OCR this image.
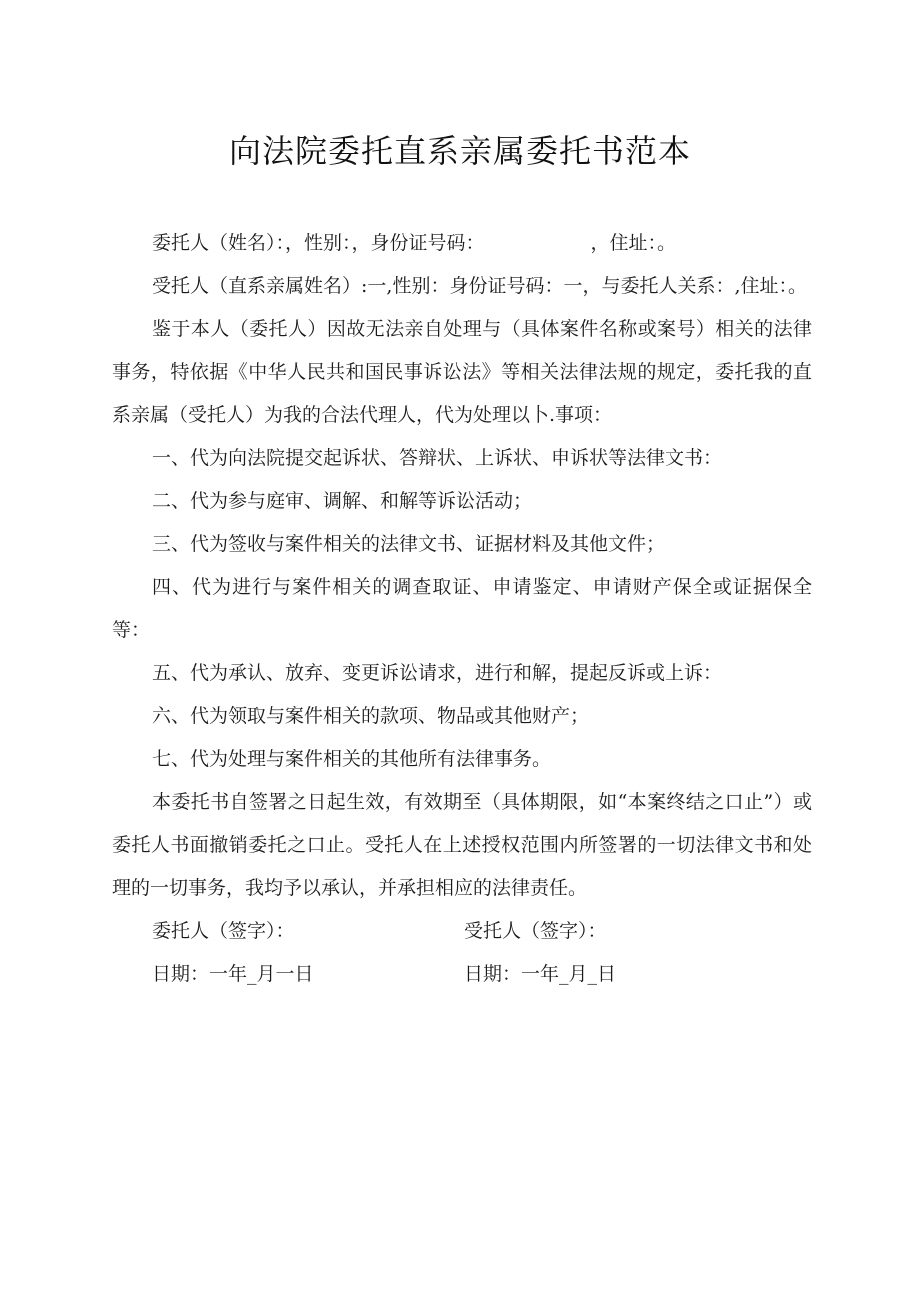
向法院委托直系亲属委托书范本

委托人（姓名）：，性别：，身份证号码：	，住址：。

受托人（直系亲属姓名）:一,性别：身份证号码：一，与委托人关系：,住址：。

鉴于本人（委托人）因故无法亲自处理与（具体案件名称或案号）相关的法律事务，特依据《中华人民共和国民事诉讼法》等相关法律法规的规定，委托我的直系亲属（受托人）为我的合法代理人，代为处理以卜.事项：

一、代为向法院提交起诉状、答辩状、上诉状、申诉状等法律文书：

二、代为参与庭审、调解、和解等诉讼活动；

三、代为签收与案件相关的法律文书、证据材料及其他文件；

四、代为进行与案件相关的调查取证、申请鉴定、申请财产保全或证据保全等：

五、代为承认、放弃、变更诉讼请求，进行和解，提起反诉或上诉：

六、代为领取与案件相关的款项、物品或其他财产；

七、代为处理与案件相关的其他所有法律事务。

本委托书自签署之日起生效，有效期至（具体期限，如“本案终结之口止”）或委托人书面撤销委托之口止。受托人在上述授权范围内所签署的一切法律文书和处理的一切事务，我均予以承认，并承担相应的法律责任。

委托人（签字）：	受托人（签字）：
日期：一年_月一日	日期：一年_月_日
